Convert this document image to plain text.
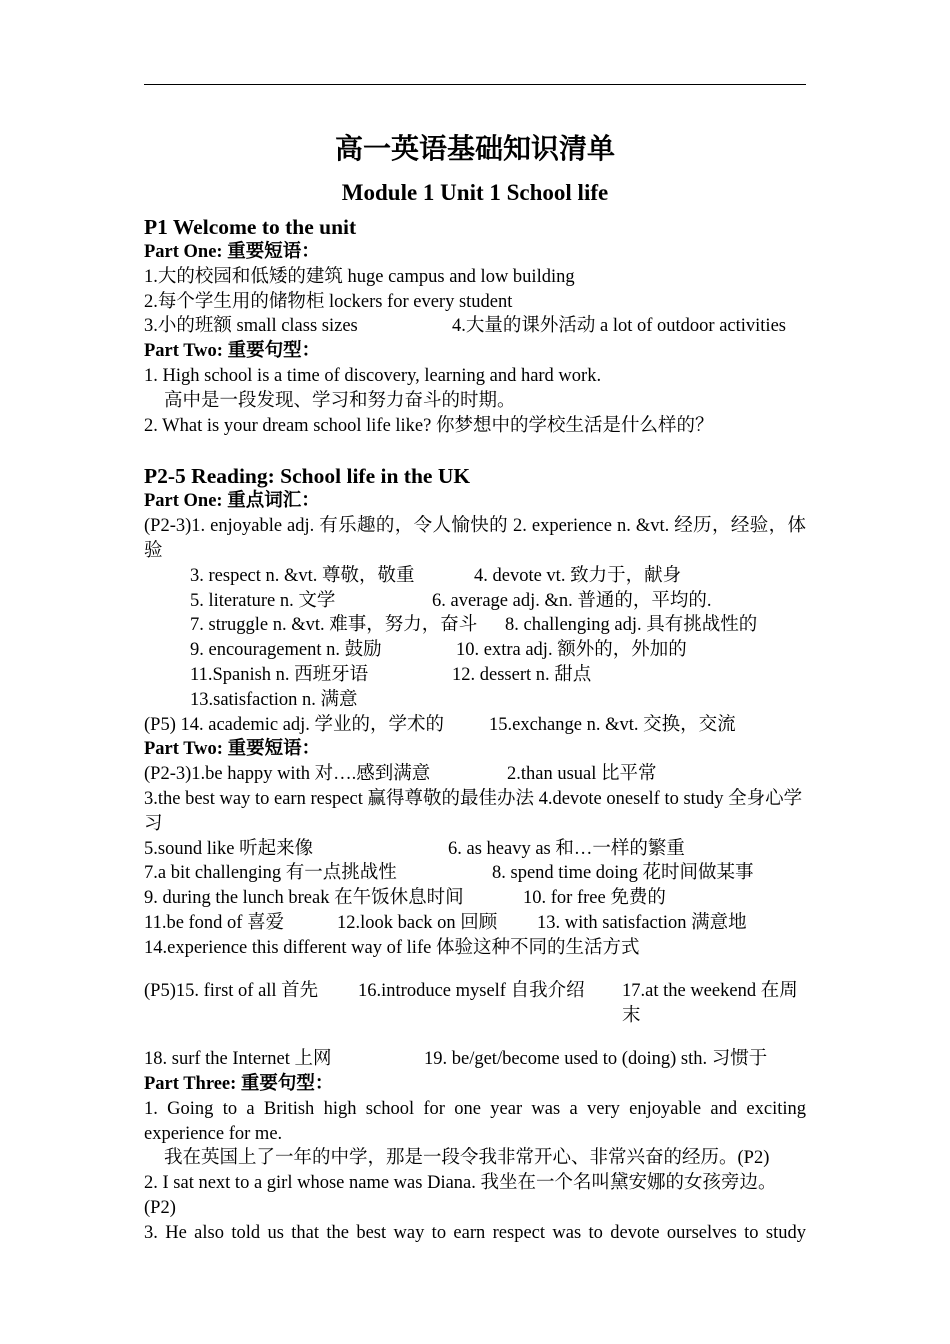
高一英语基础知识清单

Module 1 Unit 1 School life

P1 Welcome to the unit

Part One: 重要短语：

1.大的校园和低矮的建筑 huge campus and low building

2.每个学生用的储物柜 lockers for every student

3.小的班额 small class sizes	4.大量的课外活动 a lot of outdoor activities

Part Two: 重要句型：

1. High school is a time of discovery, learning and hard work.

高中是一段发现、学习和努力奋斗的时期。

2. What is your dream school life like? 你梦想中的学校生活是什么样的？

P2-5 Reading: School life in the UK

Part One: 重点词汇：

(P2-3)1. enjoyable adj. 有乐趣的，令人愉快的 2. experience n. &vt. 经历，经验，体验

3. respect n. &vt. 尊敬，敬重	4. devote vt. 致力于，献身

5. literature n. 文学	6. average adj. &n. 普通的，平均的.

7. struggle n. &vt. 难事，努力，奋斗	8. challenging adj. 具有挑战性的

9. encouragement n. 鼓励	10. extra adj. 额外的，外加的

11.Spanish n. 西班牙语	12. dessert n. 甜点

13.satisfaction n. 满意

(P5) 14. academic adj. 学业的，学术的	15.exchange n. &vt. 交换，交流

Part Two: 重要短语：

(P2-3)1.be happy with 对….感到满意	2.than usual 比平常

3.the best way to earn respect 赢得尊敬的最佳办法 4.devote oneself to study 全身心学习

5.sound like 听起来像	6. as heavy as 和…一样的繁重

7.a bit challenging 有一点挑战性	8. spend time doing 花时间做某事

9. during the lunch break 在午饭休息时间	10. for free 免费的

11.be fond of 喜爱	12.look back on 回顾	13. with satisfaction 满意地

14.experience this different way of life 体验这种不同的生活方式

(P5)15. first of all 首先	16.introduce myself 自我介绍	17.at the weekend 在周末

18. surf the Internet 上网	19. be/get/become used to (doing) sth. 习惯于

Part Three: 重要句型：

1. Going to a British high school for one year was a very enjoyable and exciting experience for me.

我在英国上了一年的中学，那是一段令我非常开心、非常兴奋的经历。(P2)

2. I sat next to a girl whose name was Diana. 我坐在一个名叫黛安娜的女孩旁边。(P2)

3. He also told us that the best way to earn respect was to devote ourselves to study
